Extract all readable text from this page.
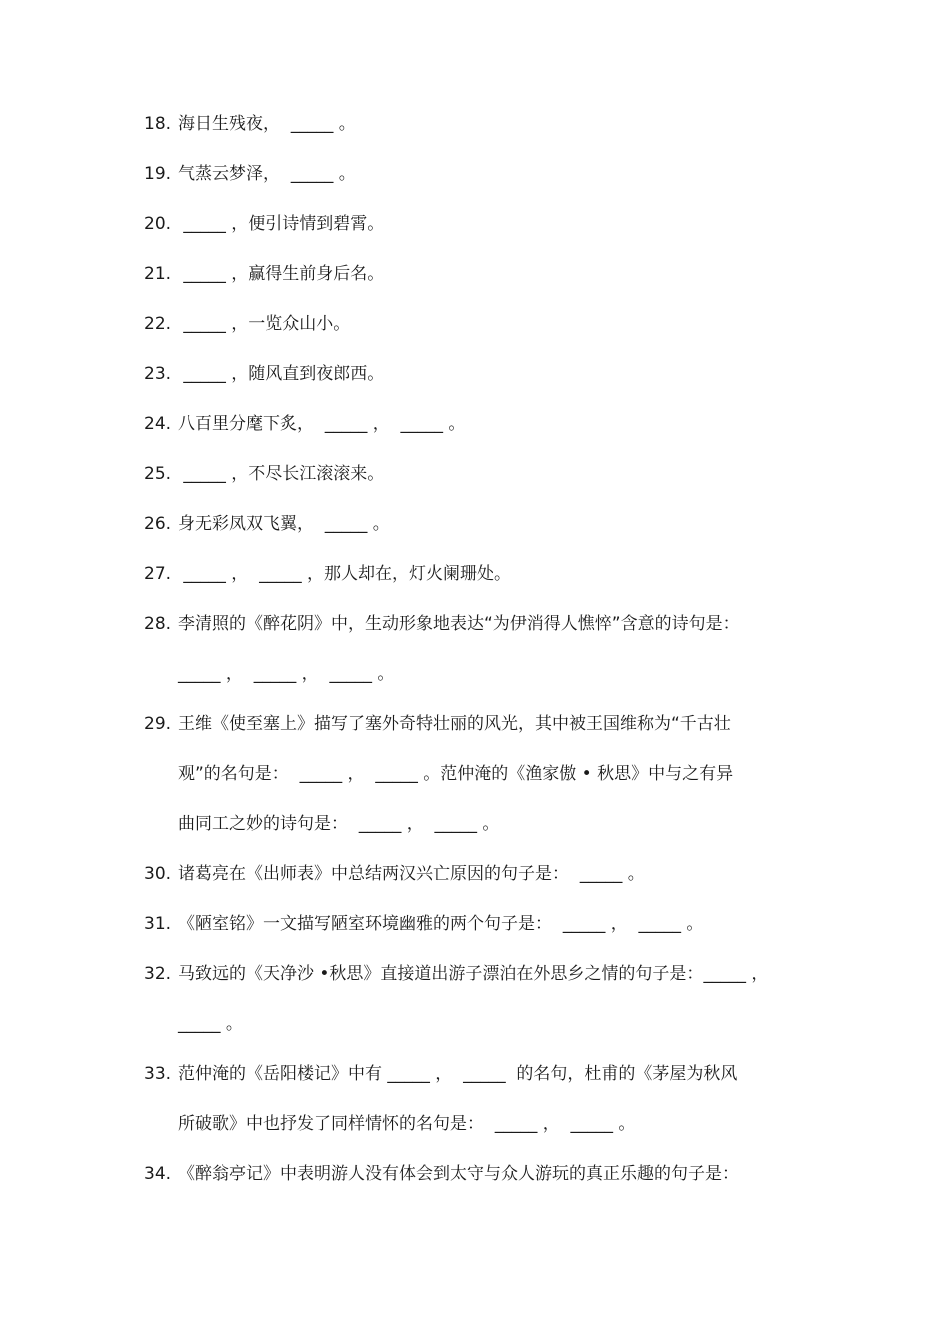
18. 海日生残夜， _____ 。
19. 气蒸云梦泽， _____ 。
20. _____ ，便引诗情到碧霄。
21. _____ ，赢得生前身后名。
22. _____ ，一览众山小。
23. _____ ，随风直到夜郎西。
24. 八百里分麾下炙， _____ ，  _____ 。
25. _____ ，不尽长江滚滚来。
26. 身无彩凤双飞翼， _____ 。
27. _____ ，  _____ ，那人却在，灯火阑珊处。
28. 李清照的《醉花阴》中，生动形象地表达“为伊消得人憔悴”含意的诗句是：
_____ ，  _____ ，  _____ 。
29. 王维《使至塞上》描写了塞外奇特壮丽的风光，其中被王国维称为“千古壮
观”的名句是：  _____ ，  _____ 。范仲淹的《渔家傲 • 秋思》中与之有异
曲同工之妙的诗句是：  _____ ，  _____ 。
30. 诸葛亮在《出师表》中总结两汉兴亡原因的句子是：  _____ 。
31. 《陋室铭》一文描写陋室环境幽雅的两个句子是：  _____ ，  _____ 。
32. 马致远的《天净沙 •秋思》直接道出游子漂泊在外思乡之情的句子是：_____ ，
_____ 。
33. 范仲淹的《岳阳楼记》中有 _____ ，  _____  的名句，杜甫的《茅屋为秋风
所破歌》中也抒发了同样情怀的名句是：  _____ ，  _____ 。
34. 《醉翁亭记》中表明游人没有体会到太守与众人游玩的真正乐趣的句子是：
